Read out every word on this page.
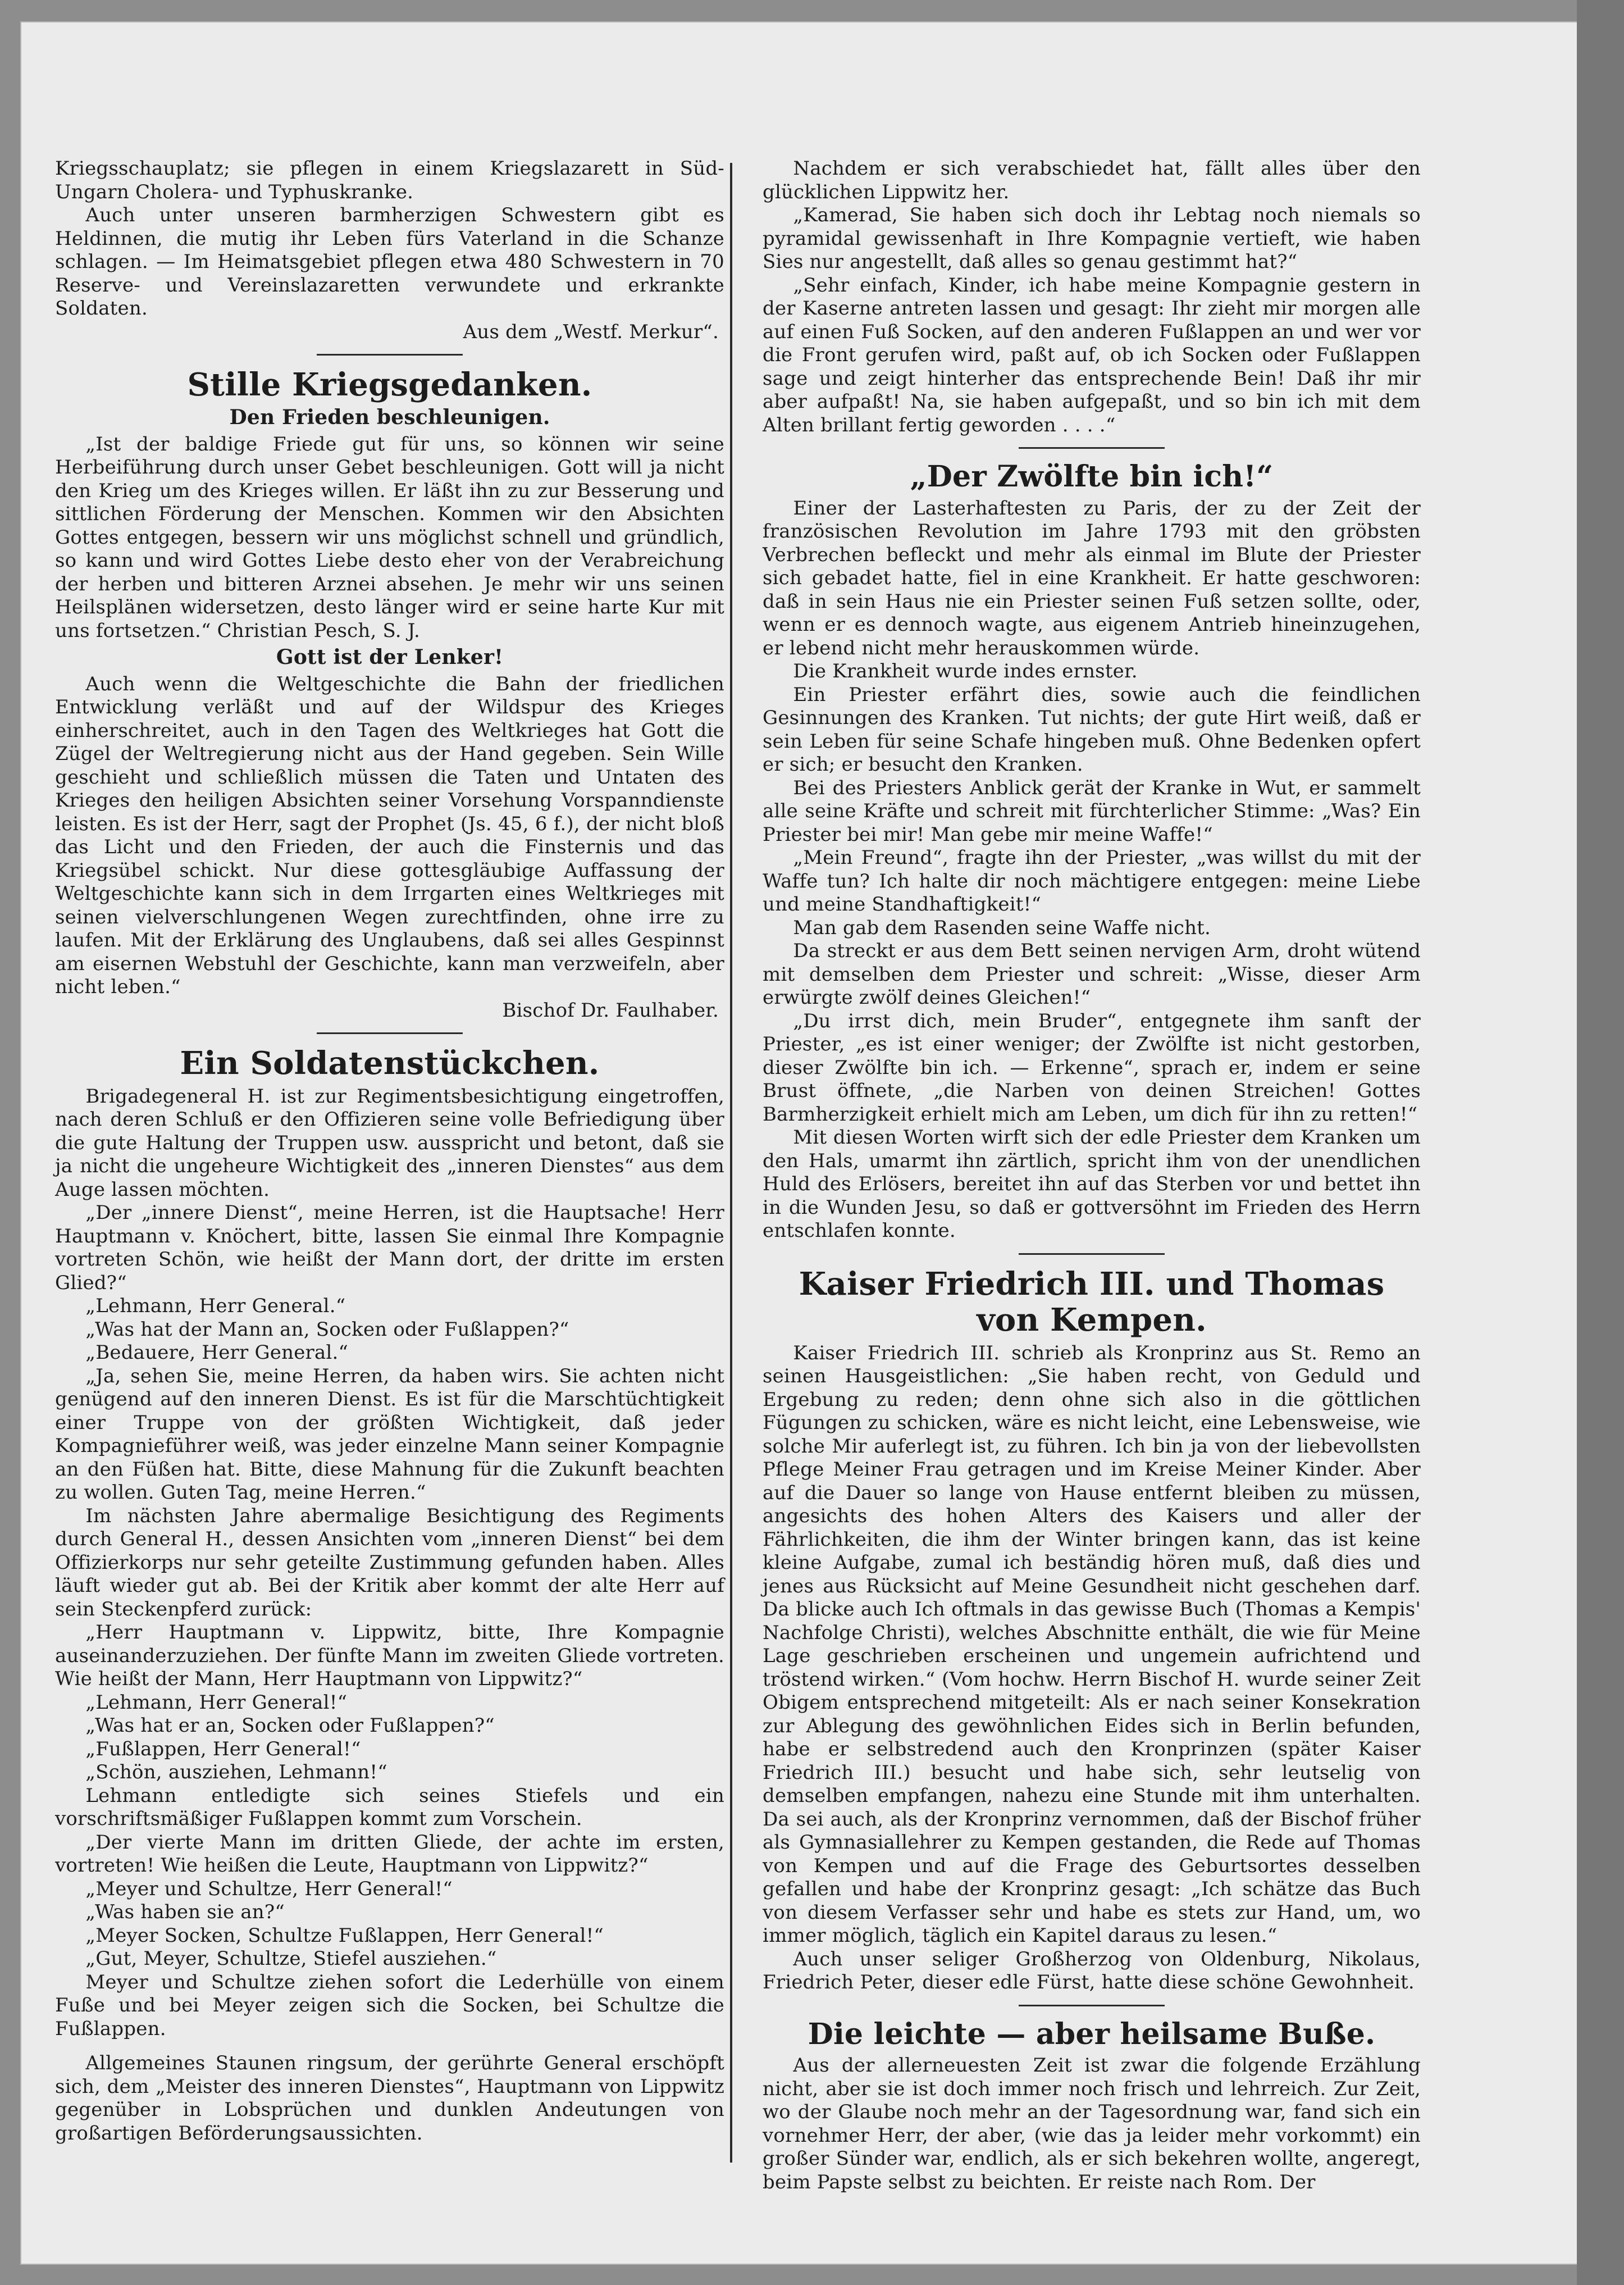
Kriegsschauplatz; sie pflegen in einem Kriegslazarett in Süd-Ungarn Cholera- und Typhuskranke.

Auch unter unseren barmherzigen Schwestern gibt es Heldinnen, die mutig ihr Leben fürs Vaterland in die Schanze schlagen. — Im Heimatsgebiet pflegen etwa 480 Schwestern in 70 Reserve- und Vereinslazaretten verwundete und erkrankte Soldaten.

Aus dem „Westf. Merkur“.

Stille Kriegsgedanken.
Den Frieden beschleunigen.

„Ist der baldige Friede gut für uns, so können wir seine Herbeiführung durch unser Gebet beschleunigen. Gott will ja nicht den Krieg um des Krieges willen. Er läßt ihn zu zur Besserung und sittlichen Förderung der Menschen. Kommen wir den Absichten Gottes entgegen, bessern wir uns möglichst schnell und gründlich, so kann und wird Gottes Liebe desto eher von der Verabreichung der herben und bitteren Arznei absehen. Je mehr wir uns seinen Heilsplänen widersetzen, desto länger wird er seine harte Kur mit uns fortsetzen.“ Christian Pesch, S. J.

Gott ist der Lenker!

Auch wenn die Weltgeschichte die Bahn der friedlichen Entwicklung verläßt und auf der Wildspur des Krieges einherschreitet, auch in den Tagen des Weltkrieges hat Gott die Zügel der Weltregierung nicht aus der Hand gegeben. Sein Wille geschieht und schließlich müssen die Taten und Untaten des Krieges den heiligen Absichten seiner Vorsehung Vorspanndienste leisten. Es ist der Herr, sagt der Prophet (Js. 45, 6 f.), der nicht bloß das Licht und den Frieden, der auch die Finsternis und das Kriegsübel schickt. Nur diese gottesgläubige Auffassung der Weltgeschichte kann sich in dem Irrgarten eines Weltkrieges mit seinen vielverschlungenen Wegen zurechtfinden, ohne irre zu laufen. Mit der Erklärung des Unglaubens, daß sei alles Gespinnst am eisernen Webstuhl der Geschichte, kann man verzweifeln, aber nicht leben.“

Bischof Dr. Faulhaber.

Ein Soldatenstückchen.

Brigadegeneral H. ist zur Regimentsbesichtigung eingetroffen, nach deren Schluß er den Offizieren seine volle Befriedigung über die gute Haltung der Truppen usw. ausspricht und betont, daß sie ja nicht die ungeheure Wichtigkeit des „inneren Dienstes“ aus dem Auge lassen möchten.

„Der „innere Dienst“, meine Herren, ist die Hauptsache! Herr Hauptmann v. Knöchert, bitte, lassen Sie einmal Ihre Kompagnie vortreten Schön, wie heißt der Mann dort, der dritte im ersten Glied?“

„Lehmann, Herr General.“

„Was hat der Mann an, Socken oder Fußlappen?“

„Bedauere, Herr General.“

„Ja, sehen Sie, meine Herren, da haben wirs. Sie achten nicht genügend auf den inneren Dienst. Es ist für die Marschtüchtigkeit einer Truppe von der größten Wichtigkeit, daß jeder Kompagnieführer weiß, was jeder einzelne Mann seiner Kompagnie an den Füßen hat. Bitte, diese Mahnung für die Zukunft beachten zu wollen. Guten Tag, meine Herren.“

Im nächsten Jahre abermalige Besichtigung des Regiments durch General H., dessen Ansichten vom „inneren Dienst“ bei dem Offizierkorps nur sehr geteilte Zustimmung gefunden haben. Alles läuft wieder gut ab. Bei der Kritik aber kommt der alte Herr auf sein Steckenpferd zurück:

„Herr Hauptmann v. Lippwitz, bitte, Ihre Kompagnie auseinanderzuziehen. Der fünfte Mann im zweiten Gliede vortreten. Wie heißt der Mann, Herr Hauptmann von Lippwitz?“

„Lehmann, Herr General!“

„Was hat er an, Socken oder Fußlappen?“

„Fußlappen, Herr General!“

„Schön, ausziehen, Lehmann!“

Lehmann entledigte sich seines Stiefels und ein vorschriftsmäßiger Fußlappen kommt zum Vorschein.

„Der vierte Mann im dritten Gliede, der achte im ersten, vortreten! Wie heißen die Leute, Hauptmann von Lippwitz?“

„Meyer und Schultze, Herr General!“

„Was haben sie an?“

„Meyer Socken, Schultze Fußlappen, Herr General!“

„Gut, Meyer, Schultze, Stiefel ausziehen.“

Meyer und Schultze ziehen sofort die Lederhülle von einem Fuße und bei Meyer zeigen sich die Socken, bei Schultze die Fußlappen.

Allgemeines Staunen ringsum, der gerührte General erschöpft sich, dem „Meister des inneren Dienstes“, Hauptmann von Lippwitz gegenüber in Lobsprüchen und dunklen Andeutungen von großartigen Beförderungsaussichten.

Nachdem er sich verabschiedet hat, fällt alles über den glücklichen Lippwitz her.

„Kamerad, Sie haben sich doch ihr Lebtag noch niemals so pyramidal gewissenhaft in Ihre Kompagnie vertieft, wie haben Sies nur angestellt, daß alles so genau gestimmt hat?“

„Sehr einfach, Kinder, ich habe meine Kompagnie gestern in der Kaserne antreten lassen und gesagt: Ihr zieht mir morgen alle auf einen Fuß Socken, auf den anderen Fußlappen an und wer vor die Front gerufen wird, paßt auf, ob ich Socken oder Fußlappen sage und zeigt hinterher das entsprechende Bein! Daß ihr mir aber aufpaßt! Na, sie haben aufgepaßt, und so bin ich mit dem Alten brillant fertig geworden . . . .“

„Der Zwölfte bin ich!“

Einer der Lasterhaftesten zu Paris, der zu der Zeit der französischen Revolution im Jahre 1793 mit den gröbsten Verbrechen befleckt und mehr als einmal im Blute der Priester sich gebadet hatte, fiel in eine Krankheit. Er hatte geschworen: daß in sein Haus nie ein Priester seinen Fuß setzen sollte, oder, wenn er es dennoch wagte, aus eigenem Antrieb hineinzugehen, er lebend nicht mehr herauskommen würde.

Die Krankheit wurde indes ernster.

Ein Priester erfährt dies, sowie auch die feindlichen Gesinnungen des Kranken. Tut nichts; der gute Hirt weiß, daß er sein Leben für seine Schafe hingeben muß. Ohne Bedenken opfert er sich; er besucht den Kranken.

Bei des Priesters Anblick gerät der Kranke in Wut, er sammelt alle seine Kräfte und schreit mit fürchterlicher Stimme: „Was? Ein Priester bei mir! Man gebe mir meine Waffe!“

„Mein Freund“, fragte ihn der Priester, „was willst du mit der Waffe tun? Ich halte dir noch mächtigere entgegen: meine Liebe und meine Standhaftigkeit!“

Man gab dem Rasenden seine Waffe nicht.

Da streckt er aus dem Bett seinen nervigen Arm, droht wütend mit demselben dem Priester und schreit: „Wisse, dieser Arm erwürgte zwölf deines Gleichen!“

„Du irrst dich, mein Bruder“, entgegnete ihm sanft der Priester, „es ist einer weniger; der Zwölfte ist nicht gestorben, dieser Zwölfte bin ich. — Erkenne“, sprach er, indem er seine Brust öffnete, „die Narben von deinen Streichen! Gottes Barmherzigkeit erhielt mich am Leben, um dich für ihn zu retten!“

Mit diesen Worten wirft sich der edle Priester dem Kranken um den Hals, umarmt ihn zärtlich, spricht ihm von der unendlichen Huld des Erlösers, bereitet ihn auf das Sterben vor und bettet ihn in die Wunden Jesu, so daß er gottversöhnt im Frieden des Herrn entschlafen konnte.

Kaiser Friedrich III. und Thomas von Kempen.

Kaiser Friedrich III. schrieb als Kronprinz aus St. Remo an seinen Hausgeistlichen: „Sie haben recht, von Geduld und Ergebung zu reden; denn ohne sich also in die göttlichen Fügungen zu schicken, wäre es nicht leicht, eine Lebensweise, wie solche Mir auferlegt ist, zu führen. Ich bin ja von der liebevollsten Pflege Meiner Frau getragen und im Kreise Meiner Kinder. Aber auf die Dauer so lange von Hause entfernt bleiben zu müssen, angesichts des hohen Alters des Kaisers und aller der Fährlichkeiten, die ihm der Winter bringen kann, das ist keine kleine Aufgabe, zumal ich beständig hören muß, daß dies und jenes aus Rücksicht auf Meine Gesundheit nicht geschehen darf. Da blicke auch Ich oftmals in das gewisse Buch (Thomas a Kempis' Nachfolge Christi), welches Abschnitte enthält, die wie für Meine Lage geschrieben erscheinen und ungemein aufrichtend und tröstend wirken.“ (Vom hochw. Herrn Bischof H. wurde seiner Zeit Obigem entsprechend mitgeteilt: Als er nach seiner Konsekration zur Ablegung des gewöhnlichen Eides sich in Berlin befunden, habe er selbstredend auch den Kronprinzen (später Kaiser Friedrich III.) besucht und habe sich, sehr leutselig von demselben empfangen, nahezu eine Stunde mit ihm unterhalten. Da sei auch, als der Kronprinz vernommen, daß der Bischof früher als Gymnasiallehrer zu Kempen gestanden, die Rede auf Thomas von Kempen und auf die Frage des Geburtsortes desselben gefallen und habe der Kronprinz gesagt: „Ich schätze das Buch von diesem Verfasser sehr und habe es stets zur Hand, um, wo immer möglich, täglich ein Kapitel daraus zu lesen.“

Auch unser seliger Großherzog von Oldenburg, Nikolaus, Friedrich Peter, dieser edle Fürst, hatte diese schöne Gewohnheit.

Die leichte — aber heilsame Buße.

Aus der allerneuesten Zeit ist zwar die folgende Erzählung nicht, aber sie ist doch immer noch frisch und lehrreich. Zur Zeit, wo der Glaube noch mehr an der Tagesordnung war, fand sich ein vornehmer Herr, der aber, (wie das ja leider mehr vorkommt) ein großer Sünder war, endlich, als er sich bekehren wollte, angeregt, beim Papste selbst zu beichten. Er reiste nach Rom. Der
